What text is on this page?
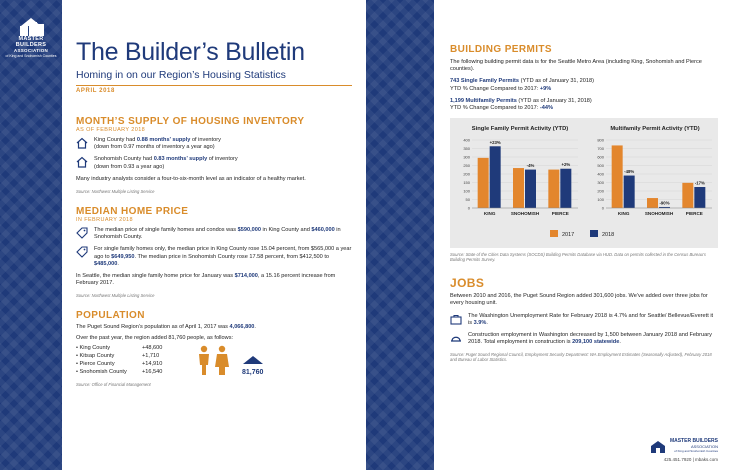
MASTER BUILDERS
ASSOCIATION
of King and Snohomish Counties The Builder’s Bulletin
Homing in on our Region’s Housing Statistics
APRIL 2018
MONTH’S SUPPLY OF HOUSING INVENTORY
AS OF FEBRUARY 2018
King County had 0.88 months’ supply of inventory
(down from 0.97 months of inventory a year ago)
Snohomish County had 0.83 months’ supply of inventory
(down from 0.93 a year ago)
Many industry analysts consider a four-to-six-month level as an indicator of a healthy market.
Source: Northwest Multiple Listing Service
MEDIAN HOME PRICE
IN FEBRUARY 2018
The median price of single family homes and condos was $590,000 in King County and $460,000 in Snohomish County.
For single family homes only, the median price in King County rose 15.04 percent, from $565,000 a year ago to $649,950. The median price in Snohomish County rose 17.58 percent, from $412,500 to $485,000.
In Seattle, the median single family home price for January was $714,000, a 15.16 percent increase from February 2017.
Source: Northwest Multiple Listing Service
POPULATION
The Puget Sound Region’s population as of April 1, 2017 was 4,066,800.
Over the past year, the region added 81,760 people, as follows:
• King County	+48,600
• Kitsap County	+1,710
• Pierce County	+14,910
• Snohomish County	+16,540	81,760
Source: Office of Financial Management
BUILDING PERMITS
The following building permit data is for the Seattle Metro Area (including King, Snohomish and Pierce counties).
743 Single Family Permits (YTD as of January 31, 2018)
YTD % Change Compared to 2017: +9%
1,199 Multifamily Permits (YTD as of January 31, 2018)
YTD % Change Compared to 2017: -44%
Single Family Permit Activity (YTD)	Multifamily Permit Activity (YTD)
0
50
100
150
200
250
300
350
400	+23%
KING
-4%
SNOHOMISH
+2%
PIERCE
0
100
200
300
400
500
600
700
800
-48%
KING
-90%
SNOHOMISH
-17%
PIERCE
2017	2018
Source: State of the Cities Data Systems (SOCDS) Building Permits Database via HUD. Data on permits collected in the Census Bureau’s Building Permits Survey.
JOBS
Between 2010 and 2016, the Puget Sound Region added 301,600 jobs. We’ve added over three jobs for every housing unit.
The Washington Unemployment Rate for February 2018 is 4.7% and for Seattle/ Bellevue/Everett it is 3.9%.
Construction employment in Washington decreased by 1,500 between January 2018 and February 2018. Total employment in construction is 209,100 statewide.
Source: Puget Sound Regional Council, Employment Security Department: WA Employment Estimates (Seasonally Adjusted), February 2018 and Bureau of Labor Statistics.
MASTER BUILDERS
ASSOCIATION
of King and Snohomish Counties
425.451.7920 | mbaks.com
